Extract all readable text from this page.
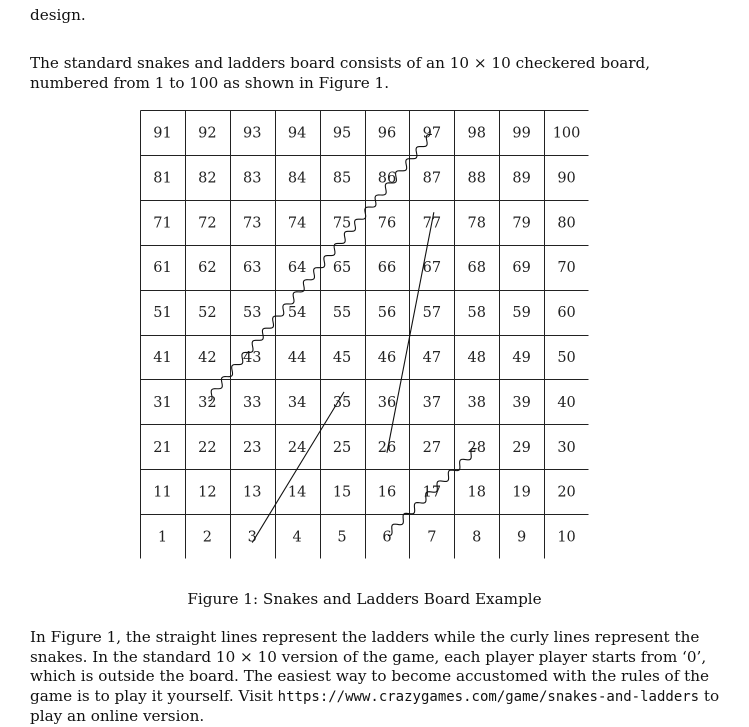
design.

The standard snakes and ladders board consists of an 10 × 10 checkered board, numbered from 1 to 100 as shown in Figure 1.

91 92 93 94 95 96 97 98 99 100
81 82 83 84 85 86 87 88 89 90
71 72 73 74 75 76 77 78 79 80
61 62 63 64 65 66 67 68 69 70
51 52 53 54 55 56 57 58 59 60
41 42 43 44 45 46 47 48 49 50
31 32 33 34 35 36 37 38 39 40
21 22 23 24 25 26 27 28 29 30
11 12 13 14 15 16 17 18 19 20
1 2 3 4 5 6 7 8 9 10

Figure 1: Snakes and Ladders Board Example

In Figure 1, the straight lines represent the ladders while the curly lines represent the snakes. In the standard 10 × 10 version of the game, each player player starts from ‘0’, which is outside the board. The easiest way to become accustomed with the rules of the game is to play it yourself. Visit https://www.crazygames.com/game/snakes-and-ladders to play an online version.
